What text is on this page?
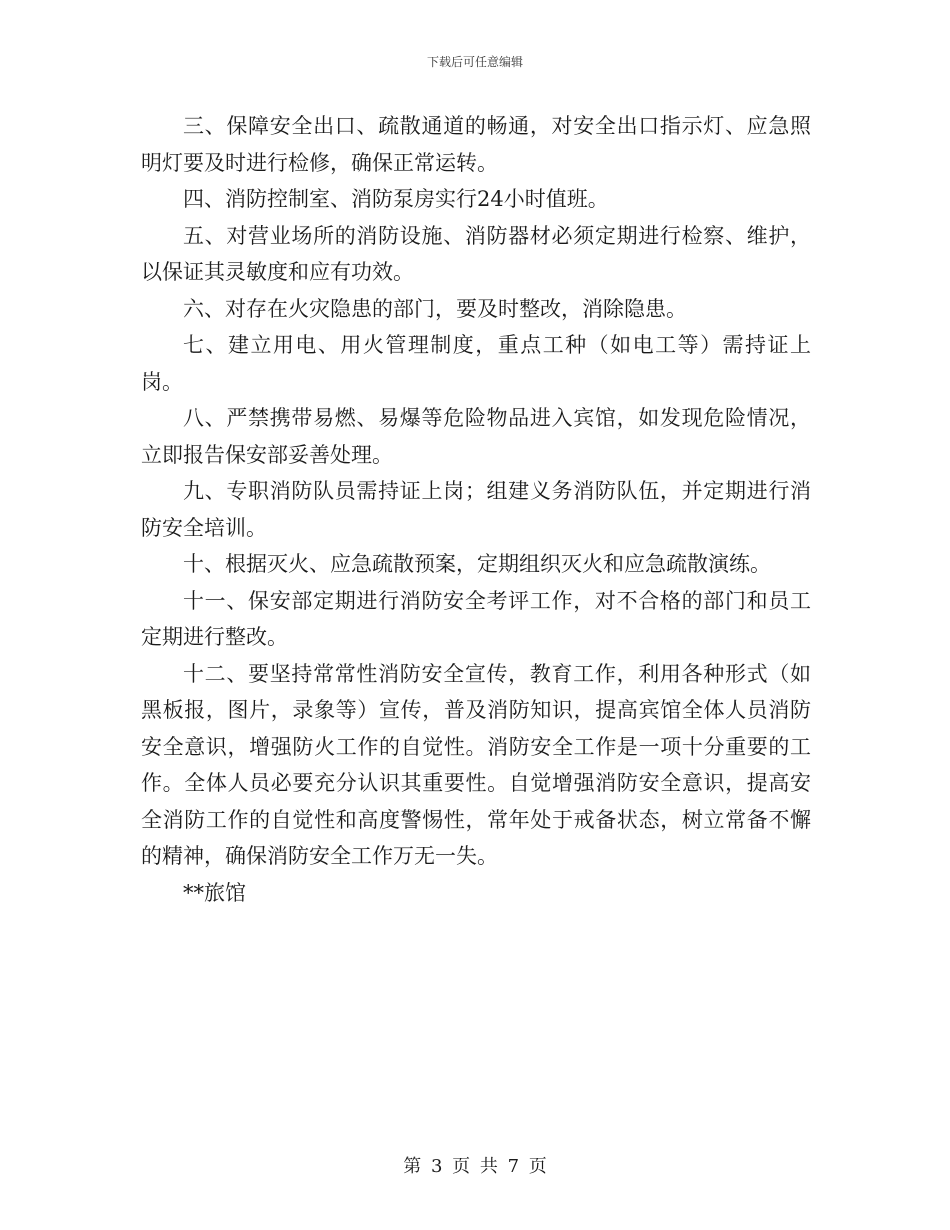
下载后可任意编辑

三、保障安全出口、疏散通道的畅通，对安全出口指示灯、应急照明灯要及时进行检修，确保正常运转。

四、消防控制室、消防泵房实行24小时值班。

五、对营业场所的消防设施、消防器材必须定期进行检察、维护，以保证其灵敏度和应有功效。

六、对存在火灾隐患的部门，要及时整改，消除隐患。

七、建立用电、用火管理制度，重点工种（如电工等）需持证上岗。

八、严禁携带易燃、易爆等危险物品进入宾馆，如发现危险情况，立即报告保安部妥善处理。

九、专职消防队员需持证上岗；组建义务消防队伍，并定期进行消防安全培训。

十、根据灭火、应急疏散预案，定期组织灭火和应急疏散演练。

十一、保安部定期进行消防安全考评工作，对不合格的部门和员工定期进行整改。

十二、要坚持常常性消防安全宣传，教育工作，利用各种形式（如黑板报，图片，录象等）宣传，普及消防知识，提高宾馆全体人员消防安全意识，增强防火工作的自觉性。消防安全工作是一项十分重要的工作。全体人员必要充分认识其重要性。自觉增强消防安全意识，提高安全消防工作的自觉性和高度警惕性，常年处于戒备状态，树立常备不懈的精神，确保消防安全工作万无一失。

**旅馆

第 3 页 共 7 页
